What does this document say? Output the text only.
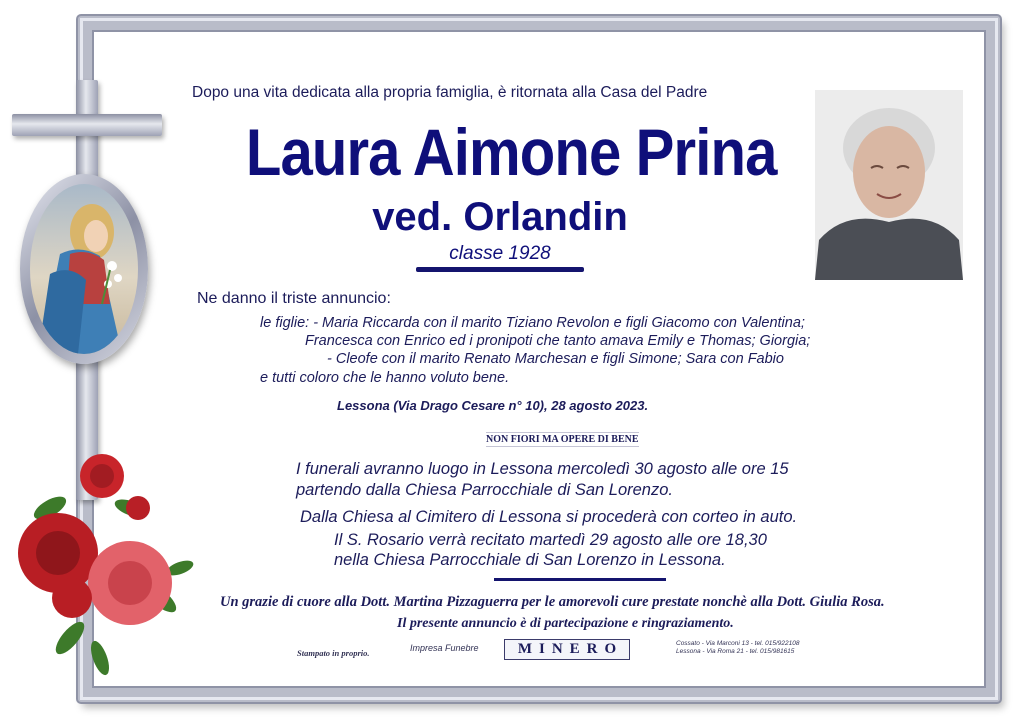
Dopo una vita dedicata alla propria famiglia, è ritornata alla Casa del Padre

Laura Aimone Prina

ved. Orlandin

classe 1928

Ne danno il triste annuncio:

le figlie: - Maria Riccarda con il marito Tiziano Revolon e figli Giacomo con Valentina;

Francesca con Enrico ed i pronipoti che tanto amava Emily e Thomas; Giorgia;

- Cleofe con il marito Renato Marchesan e figli Simone; Sara con Fabio

e tutti coloro che le hanno voluto bene.

Lessona (Via Drago Cesare n° 10), 28 agosto 2023.

NON FIORI MA OPERE DI BENE

I funerali avranno luogo in Lessona mercoledì 30 agosto alle ore 15

partendo dalla Chiesa Parrocchiale di San Lorenzo.

Dalla Chiesa al Cimitero di Lessona si procederà con corteo in auto.

Il S. Rosario verrà recitato martedì 29 agosto alle ore 18,30

nella Chiesa Parrocchiale di San Lorenzo in Lessona.

Un grazie di cuore alla Dott. Martina Pizzaguerra per le amorevoli cure prestate nonchè alla Dott. Giulia Rosa.

Il presente annuncio è di partecipazione e ringraziamento.

Stampato in proprio.	Impresa Funebre	MINERO	Cossato - Via Marconi 13 - tel. 015/922108

Lessona - Via Roma 21 - tel. 015/981615
